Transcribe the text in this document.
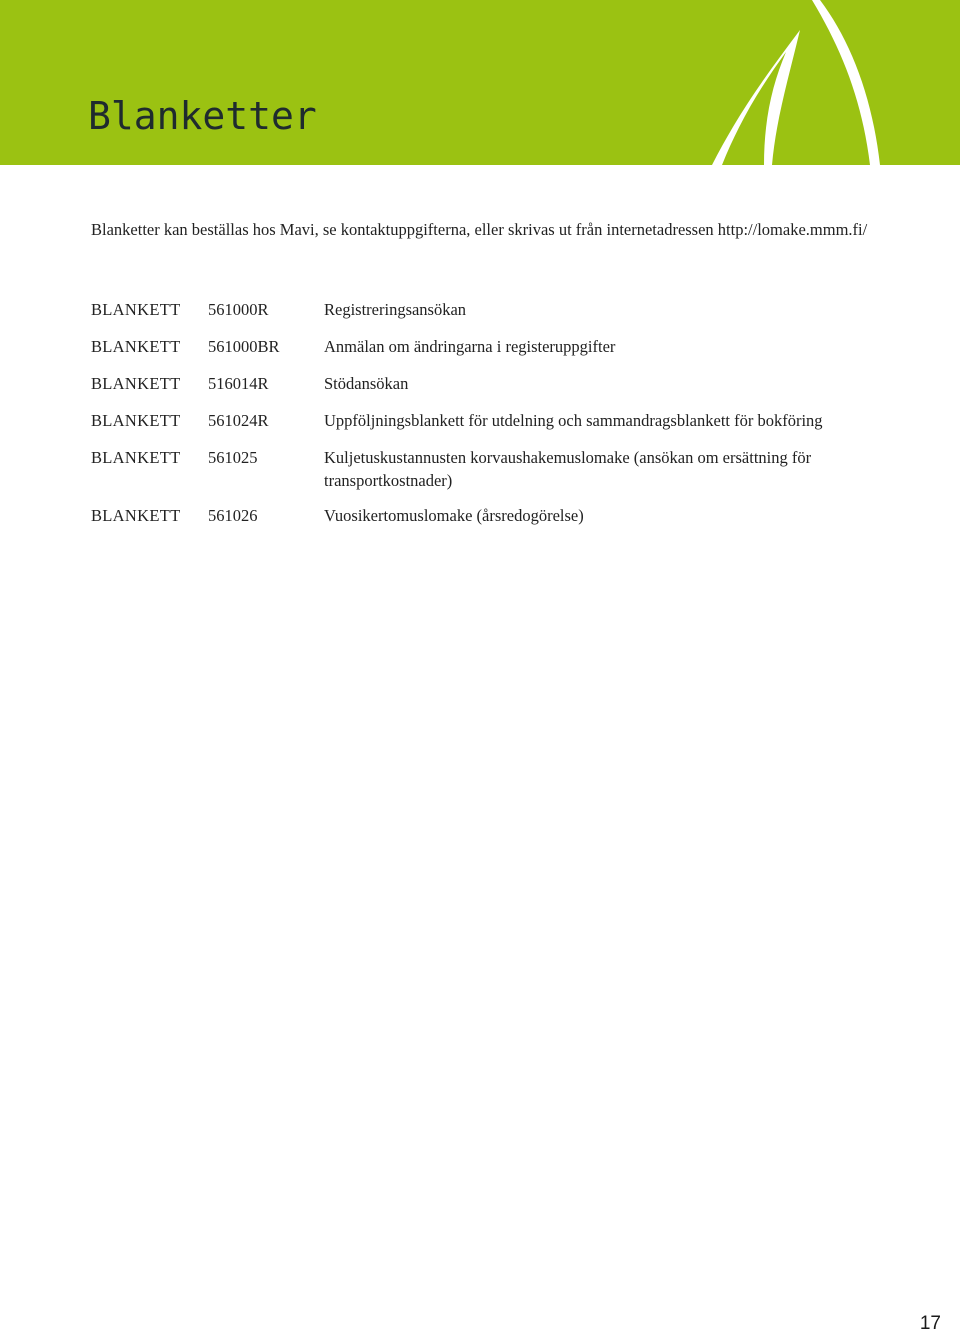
Blanketter

Blanketter kan beställas hos Mavi, se kontaktuppgifterna, eller skrivas ut från internetadressen http://lomake.mmm.fi/

BLANKETT 561000R	Registreringsansökan
BLANKETT 561000BR	Anmälan om ändringarna i registeruppgifter
BLANKETT 516014R	Stödansökan
BLANKETT 561024R	Uppföljningsblankett för utdelning och sammandragsblankett för bokföring
BLANKETT 561025	Kuljetuskustannusten korvaushakemuslomake (ansökan om ersättning för transportkostnader)
BLANKETT 561026	Vuosikertomuslomake (årsredogörelse)
17
